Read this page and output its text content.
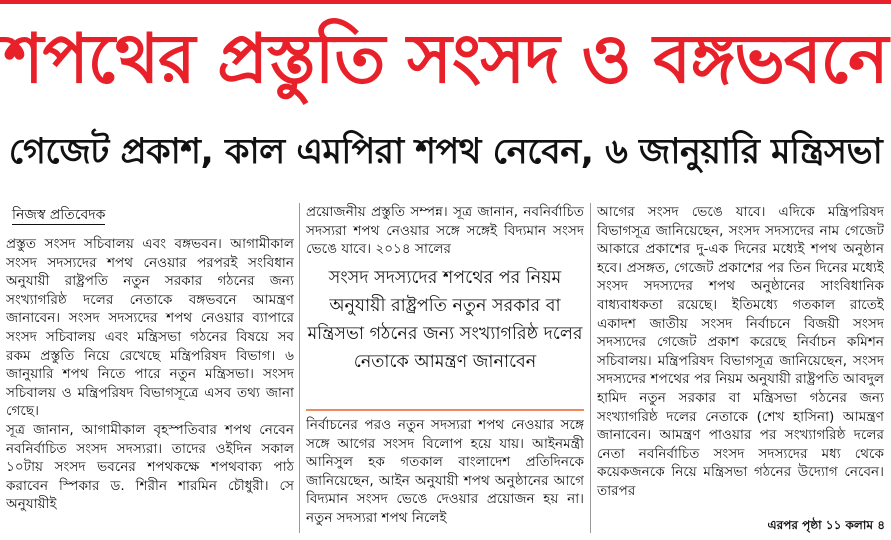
শপথের প্রস্তুতি সংসদ ও বঙ্গভবনে
গেজেট প্রকাশ, কাল এমপিরা শপথ নেবেন, ৬ জানুয়ারি মন্ত্রিসভা
নিজস্ব প্রতিবেদক

প্রস্তুত সংসদ সচিবালয় এবং বঙ্গভবন। আগামীকাল সংসদ সদস্যদের শপথ নেওয়ার পরপরই সংবিধান অনুযায়ী রাষ্ট্রপতি নতুন সরকার গঠনের জন্য সংখ্যাগরিষ্ঠ দলের নেতাকে বঙ্গভবনে আমন্ত্রণ জানাবেন। সংসদ সদস্যদের শপথ নেওয়ার ব্যাপারে সংসদ সচিবালয় এবং মন্ত্রিসভা গঠনের বিষয়ে সব রকম প্রস্তুতি নিয়ে রেখেছে মন্ত্রিপরিষদ বিভাগ। ৬ জানুয়ারি শপথ নিতে পারে নতুন মন্ত্রিসভা। সংসদ সচিবালয় ও মন্ত্রিপরিষদ বিভাগসূত্রে এসব তথ্য জানা গেছে।

সূত্র জানান, আগামীকাল বৃহস্পতিবার শপথ নেবেন নবনির্বাচিত সংসদ সদস্যরা। তাদের ওইদিন সকাল ১০টায় সংসদ ভবনের শপথকক্ষে শপথবাক্য পাঠ করাবেন স্পিকার ড. শিরীন শারমিন চৌধুরী। সে অনুযায়ীই

প্রয়োজনীয় প্রস্তুতি সম্পন্ন। সূত্র জানান, নবনির্বাচিত সদস্যরা শপথ নেওয়ার সঙ্গে সঙ্গেই বিদ্যমান সংসদ ভেঙে যাবে। ২০১৪ সালের

সংসদ সদস্যদের শপথের পর নিয়ম অনুযায়ী রাষ্ট্রপতি নতুন সরকার বা মন্ত্রিসভা গঠনের জন্য সংখ্যাগরিষ্ঠ দলের নেতাকে আমন্ত্রণ জানাবেন

নির্বাচনের পরও নতুন সদস্যরা শপথ নেওয়ার সঙ্গে সঙ্গে আগের সংসদ বিলোপ হয়ে যায়। আইনমন্ত্রী আনিসুল হক গতকাল বাংলাদেশ প্রতিদিনকে জানিয়েছেন, আইন অনুযায়ী শপথ অনুষ্ঠানের আগে বিদ্যমান সংসদ ভেঙে দেওয়ার প্রয়োজন হয় না। নতুন সদস্যরা শপথ নিলেই

আগের সংসদ ভেঙে যাবে। এদিকে মন্ত্রিপরিষদ বিভাগসূত্র জানিয়েছেন, সংসদ সদস্যদের নাম গেজেট আকারে প্রকাশের দু-এক দিনের মধ্যেই শপথ অনুষ্ঠান হবে। প্রসঙ্গত, গেজেট প্রকাশের পর তিন দিনের মধ্যেই সংসদ সদস্যদের শপথ অনুষ্ঠানের সাংবিধানিক বাধ্যবাধকতা রয়েছে। ইতিমধ্যে গতকাল রাতেই একাদশ জাতীয় সংসদ নির্বাচনে বিজয়ী সংসদ সদস্যদের গেজেট প্রকাশ করেছে নির্বাচন কমিশন সচিবালয়। মন্ত্রিপরিষদ বিভাগসূত্র জানিয়েছেন, সংসদ সদস্যদের শপথের পর নিয়ম অনুযায়ী রাষ্ট্রপতি আবদুল হামিদ নতুন সরকার বা মন্ত্রিসভা গঠনের জন্য সংখ্যাগরিষ্ঠ দলের নেতাকে (শেখ হাসিনা) আমন্ত্রণ জানাবেন। আমন্ত্রণ পাওয়ার পর সংখ্যাগরিষ্ঠ দলের নেতা নবনির্বাচিত সংসদ সদস্যদের মধ্য থেকে কয়েকজনকে নিয়ে মন্ত্রিসভা গঠনের উদ্যোগ নেবেন। তারপর

এরপর পৃষ্ঠা ১১ কলাম ৪
